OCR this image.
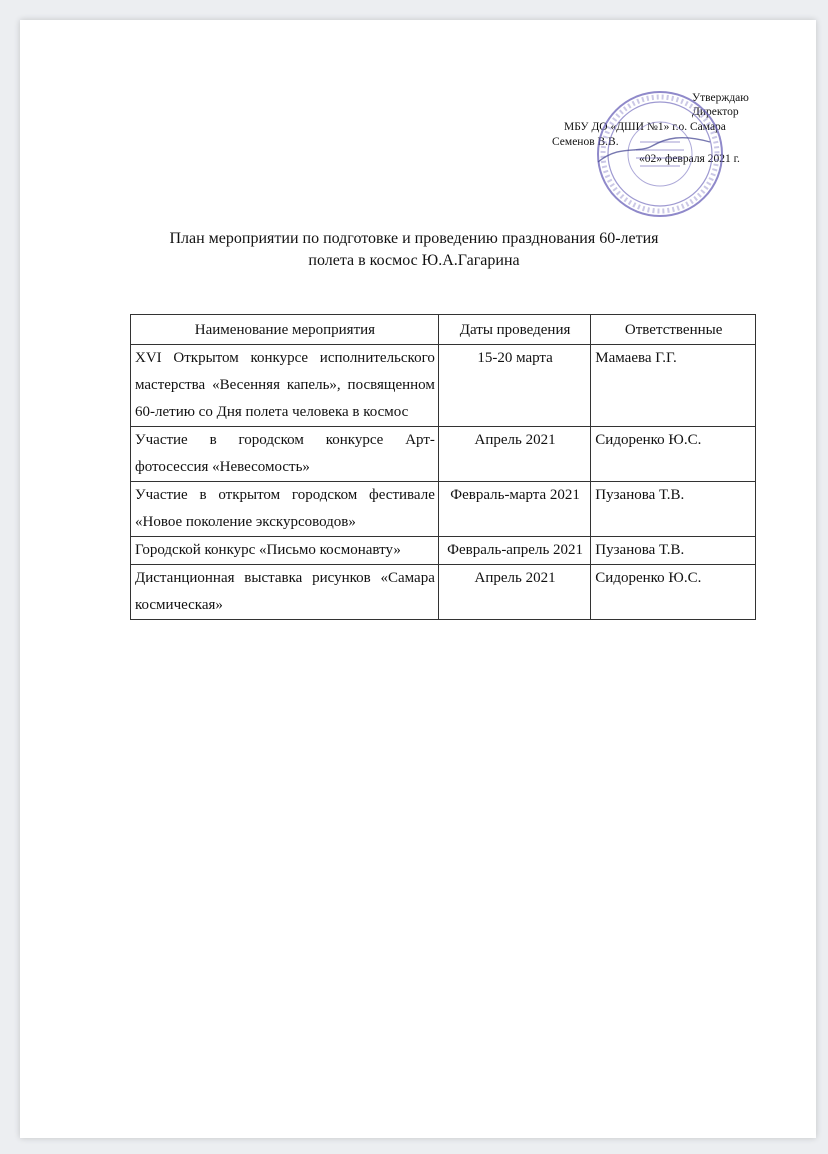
Утверждаю
Директор
МБУ ДО «ДШИ №1» г.о. Самара
Семенов В.В.
«02» февраля 2021 г.
План мероприятии по подготовке и проведению празднования 60-летия
полета в космос Ю.А.Гагарина
Наименование мероприятия	Даты проведения	Ответственные

XVI Открытом конкурсе исполнительского мастерства «Весенняя капель», посвященном 60-летию со Дня полета человека в космос	15-20 марта	Мамаева Г.Г.
Участие в городском конкурсе Арт-фотосессия «Невесомость»	Апрель 2021	Сидоренко Ю.С.
Участие в открытом городском фестивале «Новое поколение экскурсоводов»	Февраль-марта 2021	Пузанова Т.В.
Городской конкурс «Письмо космонавту»	Февраль-апрель 2021	Пузанова Т.В.
Дистанционная выставка рисунков «Самара космическая»	Апрель 2021	Сидоренко Ю.С.
